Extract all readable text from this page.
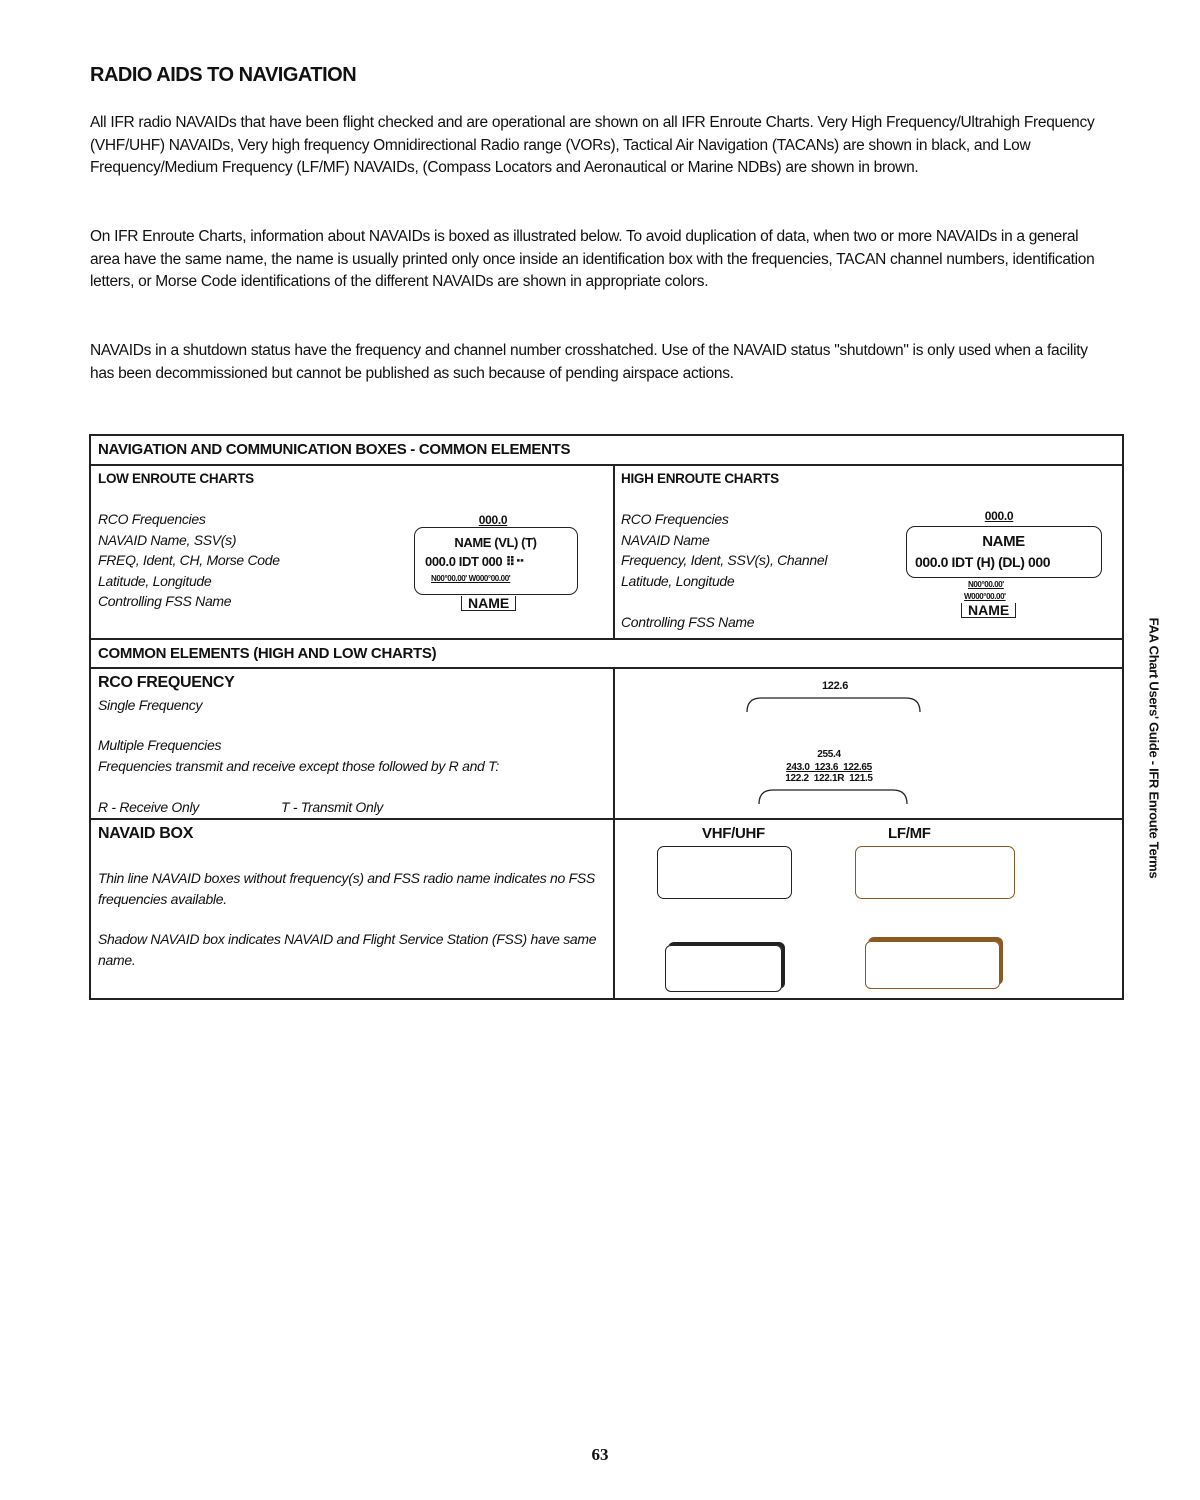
RADIO AIDS TO NAVIGATION
All IFR radio NAVAIDs that have been flight checked and are operational are shown on all IFR Enroute Charts. Very High Frequency/Ultrahigh Frequency (VHF/UHF) NAVAIDs, Very high frequency Omnidirectional Radio range (VORs), Tactical Air Navigation (TACANs) are shown in black, and Low Frequency/Medium Frequency (LF/MF) NAVAIDs, (Compass Locators and Aeronautical or Marine NDBs) are shown in brown.
On IFR Enroute Charts, information about NAVAIDs is boxed as illustrated below. To avoid duplication of data, when two or more NAVAIDs in a general area have the same name, the name is usually printed only once inside an identification box with the frequencies, TACAN channel numbers, identification letters, or Morse Code identifications of the different NAVAIDs are shown in appropriate colors.
NAVAIDs in a shutdown status have the frequency and channel number crosshatched. Use of the NAVAID status "shutdown" is only used when a facility has been decommissioned but cannot be published as such because of pending airspace actions.
NAVIGATION AND COMMUNICATION BOXES - COMMON ELEMENTS
LOW ENROUTE CHARTS
RCO Frequencies
NAVAID Name, SSV(s)
FREQ, Ident, CH, Morse Code
Latitude, Longitude
Controlling FSS Name
000.0
NAME (VL) (T)
000.0 IDT 000 ⠿⠒
N00°00.00' W000°00.00'
NAME
HIGH ENROUTE CHARTS
RCO Frequencies
NAVAID Name
Frequency, Ident, SSV(s), Channel
Latitude, Longitude
Controlling FSS Name
000.0
NAME
000.0 IDT (H) (DL) 000
N00°00.00'
W000°00.00'
NAME
COMMON ELEMENTS (HIGH AND LOW CHARTS)
RCO FREQUENCY
Single Frequency
Multiple Frequencies
Frequencies transmit and receive except those followed by R and T:
R - Receive Only	T - Transmit Only
122.6
255.4
243.0  123.6  122.65
122.2  122.1R  121.5
NAVAID BOX
Thin line NAVAID boxes without frequency(s) and FSS radio name indicates no FSS frequencies available.
Shadow NAVAID box indicates NAVAID and Flight Service Station (FSS) have same name.
VHF/UHF	LF/MF	FAA Chart Users' Guide - IFR Enroute Terms
63
